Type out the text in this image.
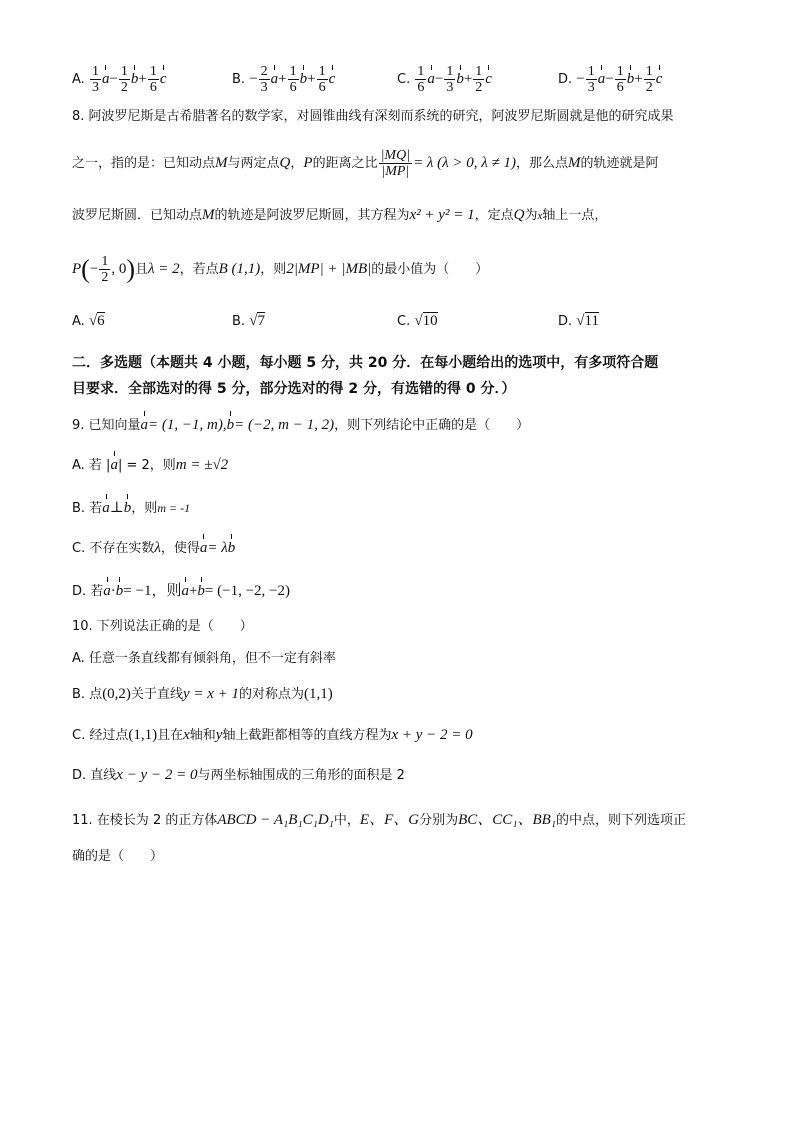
A. $\frac{1}{3} a- \frac{1}{2} b+ \frac{1}{6}$ c	B. − $\frac{2}{3} a+ \frac{1}{6} b+ \frac{1}{6}$ c	C. $\frac{1}{6} a- \frac{1}{3} b+ \frac{1}{2}$ c	D. − $\frac{1}{3} a- \frac{1}{6} b+ \frac{1}{2}$ c
8. 阿波罗尼斯是古希腊著名的数学家，对圆锥曲线有深刻而系统的研究，阿波罗尼斯圆就是他的研究成果
之一，指的是：已知动点M与两定点Q，P的距离之比 $\frac{|MQ|}{|MP|} = \lambda$ (λ > 0, λ ≠ 1)，那么点M的轨迹就是阿
波罗尼斯圆．已知动点M的轨迹是阿波罗尼斯圆，其方程为x² + y² = 1，定点Q为x轴上一点，
$P(- \frac{1}{2}$ , 0)且λ = 2，若点B (1,1)，则2|MP| + |MB|的最小值为（　　）
A. √6	B. √7	C. √10	D. √11
二．多选题（本题共 4 小题，每小题 5 分，共 20 分．在每小题给出的选项中，有多项符合题
目要求．全部选对的得 5 分，部分选对的得 2 分，有选错的得 0 分．）
9. 已知向量a= (1, −1, m),b= (−2, m − 1, 2)，则下列结论中正确的是（　　）
A. 若 |a| = 2，则m = ±√2
B. 若a⊥b，则m = -1
C. 不存在实数λ，使得a= λb
D. 若a·b= −1，则a+b= (−1, −2, −2)
10. 下列说法正确的是（　　）
A. 任意一条直线都有倾斜角，但不一定有斜率
B. 点(0,2)关于直线y = x + 1的对称点为(1,1)
C. 经过点(1,1)且在x轴和y轴上截距都相等的直线方程为x + y − 2 = 0
D. 直线x − y − 2 = 0与两坐标轴围成的三角形的面积是 2
11. 在棱长为 2 的正方体ABCD − A₁B₁C₁D₁中，E、F、G分别为BC、CC₁、BB₁的中点，则下列选项正
确的是（　　）
